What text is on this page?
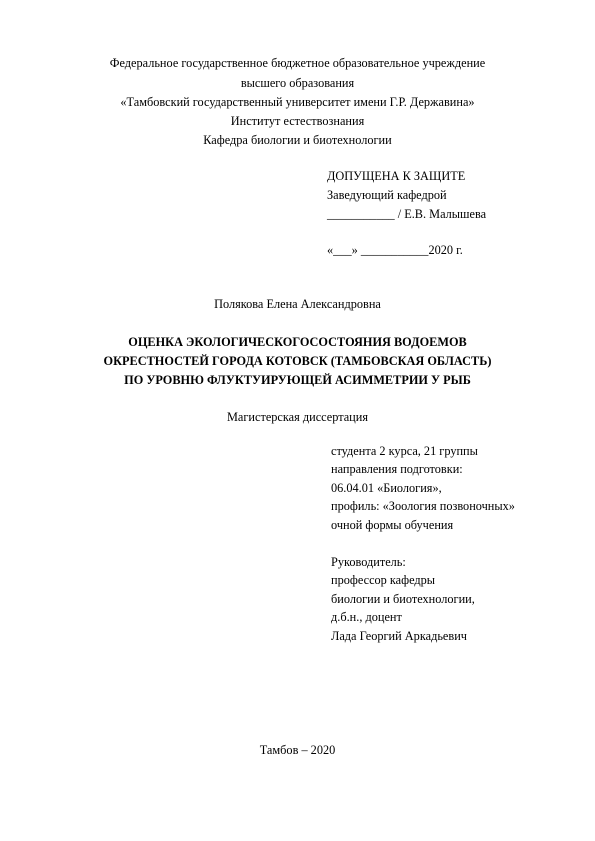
Федеральное государственное бюджетное образовательное учреждение
высшего образования
«Тамбовский государственный университет имени Г.Р. Державина»
Институт естествознания
Кафедра биологии и биотехнологии
ДОПУЩЕНА К ЗАЩИТЕ
Заведующий кафедрой
___________ / Е.В. Малышева
«___» ___________2020 г.
Полякова Елена Александровна
ОЦЕНКА ЭКОЛОГИЧЕСКОГОСОСТОЯНИЯ ВОДОЕМОВ
ОКРЕСТНОСТЕЙ ГОРОДА КОТОВСК (ТАМБОВСКАЯ ОБЛАСТЬ)
ПО УРОВНЮ ФЛУКТУИРУЮЩЕЙ АСИММЕТРИИ У РЫБ
Магистерская диссертация
студента 2 курса, 21 группы
направления подготовки:
06.04.01 «Биология»,
профиль: «Зоология позвоночных»
очной формы обучения
Руководитель:
профессор кафедры
биологии и биотехнологии,
д.б.н., доцент
Лада Георгий Аркадьевич
Тамбов – 2020
